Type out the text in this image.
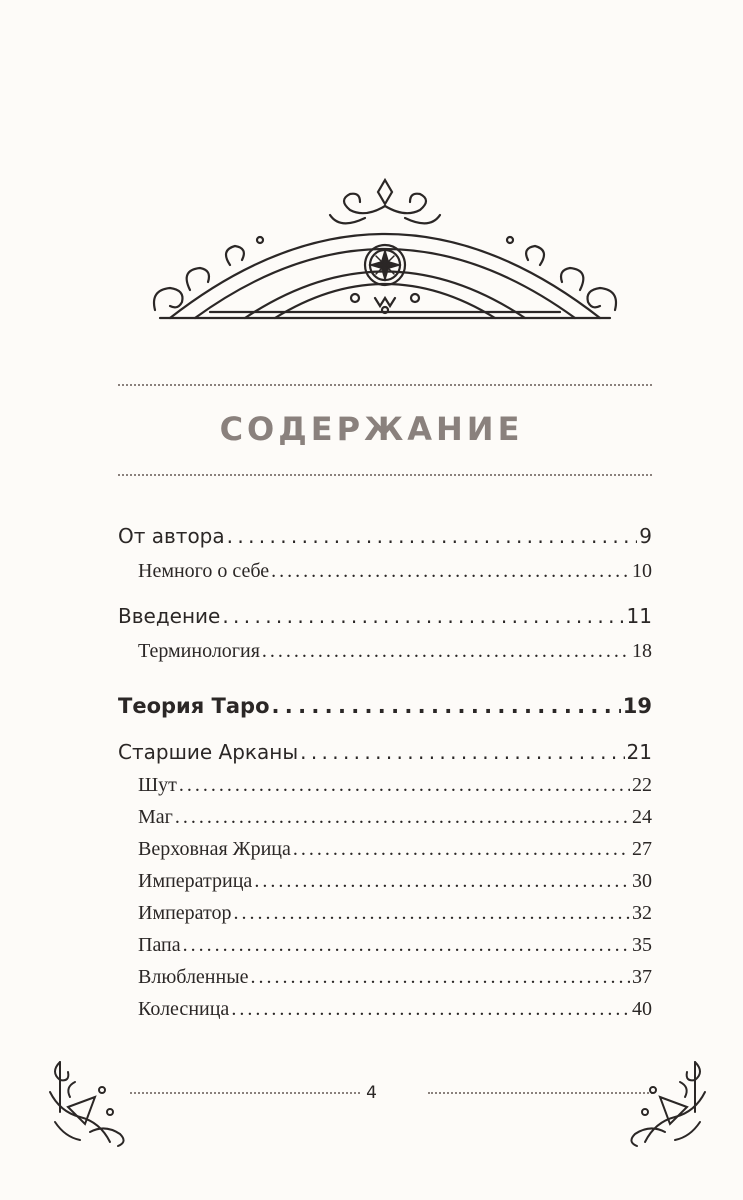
СОДЕРЖАНИЕ
От автора . . .	9
Немного о себе . . .	10
Введение . . .	11
Терминология . . .	18
Теория Таро . . .	19
Старшие Арканы . . .	21
Шут . . .	22
Маг . . .	24
Верховная Жрица . . .	27
Императрица . . .	30
Император . . .	32
Папа . . .	35
Влюбленные . . .	37
Колесница . . .	40
4
